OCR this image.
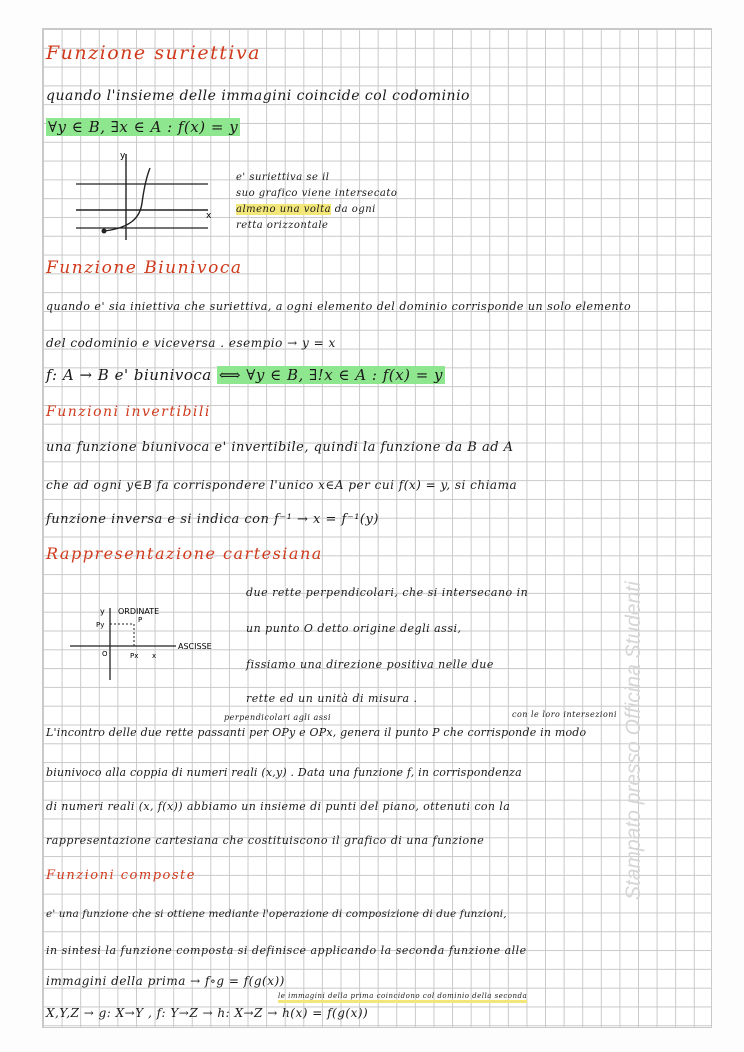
Funzione suriettiva
quando l'insieme delle immagini coincide col codominio
∀y ∈ B, ∃x ∈ A : f(x) = y
y
x
e' suriettiva se il
suo grafico viene intersecato
almeno una volta da ogni
retta orizzontale
Funzione Biunivoca
quando e' sia iniettiva che suriettiva, a ogni elemento del dominio corrisponde un solo elemento
del codominio e viceversa . esempio → y = x
f: A → B e' biunivoca ⟺ ∀y ∈ B, ∃!x ∈ A : f(x) = y
Funzioni invertibili
una funzione biunivoca e' invertibile, quindi la funzione da B ad A
che ad ogni y∈B fa corrispondere l'unico x∈A per cui f(x) = y, si chiama
funzione inversa e si indica con f⁻¹ → x = f⁻¹(y)
Rappresentazione cartesiana
y ORDINATE
ASCISSE
Py
P
O	Px x
due rette perpendicolari, che si intersecano in
un punto O detto origine degli assi,
fissiamo una direzione positiva nelle due
rette ed un unità di misura .
perpendicolari agli assi	con le loro intersezioni
L'incontro delle due rette passanti per OPy e OPx, genera il punto P che corrisponde in modo
biunivoco alla coppia di numeri reali (x,y) . Data una funzione f, in corrispondenza
di numeri reali (x, f(x)) abbiamo un insieme di punti del piano, ottenuti con la
rappresentazione cartesiana che costituiscono il grafico di una funzione
Funzioni composte
e' una funzione che si ottiene mediante l'operazione di composizione di due funzioni,
in sintesi la funzione composta si definisce applicando la seconda funzione alle
immagini della prima → f∘g = f(g(x))
le immagini della prima coincidono col dominio della seconda
X,Y,Z → g: X→Y , f: Y→Z → h: X→Z → h(x) = f(g(x))
Stampato presso Officina Studenti
